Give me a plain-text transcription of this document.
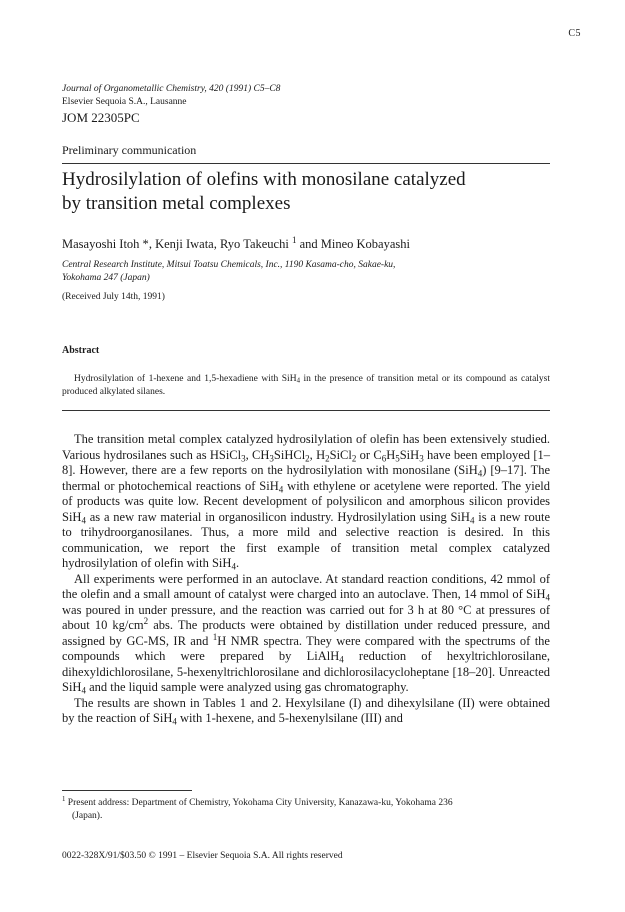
C5
Journal of Organometallic Chemistry, 420 (1991) C5–C8
Elsevier Sequoia S.A., Lausanne
JOM 22305PC
Preliminary communication
Hydrosilylation of olefins with monosilane catalyzed
by transition metal complexes
Masayoshi Itoh *, Kenji Iwata, Ryo Takeuchi $^1$ and Mineo Kobayashi
Central Research Institute, Mitsui Toatsu Chemicals, Inc., 1190 Kasama-cho, Sakae-ku,
Yokohama 247 (Japan)
(Received July 14th, 1991)
Abstract
Hydrosilylation of 1-hexene and 1,5-hexadiene with SiH$_4$ in the presence of transition metal or its compound as catalyst produced alkylated silanes.

The transition metal complex catalyzed hydrosilylation of olefin has been extensively studied. Various hydrosilanes such as HSiCl$_3$, $CH_3SiHCl_2$, $H_2SiCl_2$ or $C_6H_5SiH_3$ have been employed [1–8]. However, there are a few reports on the hydrosilylation with monosilane (SiH$_4$) [9–17]. The thermal or photochemical reactions of SiH$_4$ with ethylene or acetylene were reported. The yield of products was quite low. Recent development of polysilicon and amorphous silicon provides SiH$_4$ as a new raw material in organosilicon industry. Hydrosilylation using SiH$_4$ is a new route to trihydroorganosilanes. Thus, a more mild and selective reaction is desired. In this communication, we report the first example of transition metal complex catalyzed hydrosilylation of olefin with SiH$_4$.

All experiments were performed in an autoclave. At standard reaction conditions, 42 mmol of the olefin and a small amount of catalyst were charged into an autoclave. Then, 14 mmol of SiH$_4$ was poured in under pressure, and the reaction was carried out for 3 h at 80 °C at pressures of about 10 $kg/cm^2$ abs. The products were obtained by distillation under reduced pressure, and assigned by GC-MS, IR and $^1$H NMR spectra. They were compared with the spectrums of the compounds which were prepared by LiAlH$_4$ reduction of hexyltrichlorosilane, dihexyldichlorosilane, 5-hexenyltrichlorosilane and dichlorosilacycloheptane [18–20]. Unreacted SiH$_4$ and the liquid sample were analyzed using gas chromatography.

The results are shown in Tables 1 and 2. Hexylsilane (I) and dihexylsilane (II) were obtained by the reaction of SiH$_4$ with 1-hexene, and 5-hexenylsilane (III) and

$^1$ Present address: Department of Chemistry, Yokohama City University, Kanazawa-ku, Yokohama 236
(Japan).
0022-328X/91/$03.50 © 1991 – Elsevier Sequoia S.A. All rights reserved
